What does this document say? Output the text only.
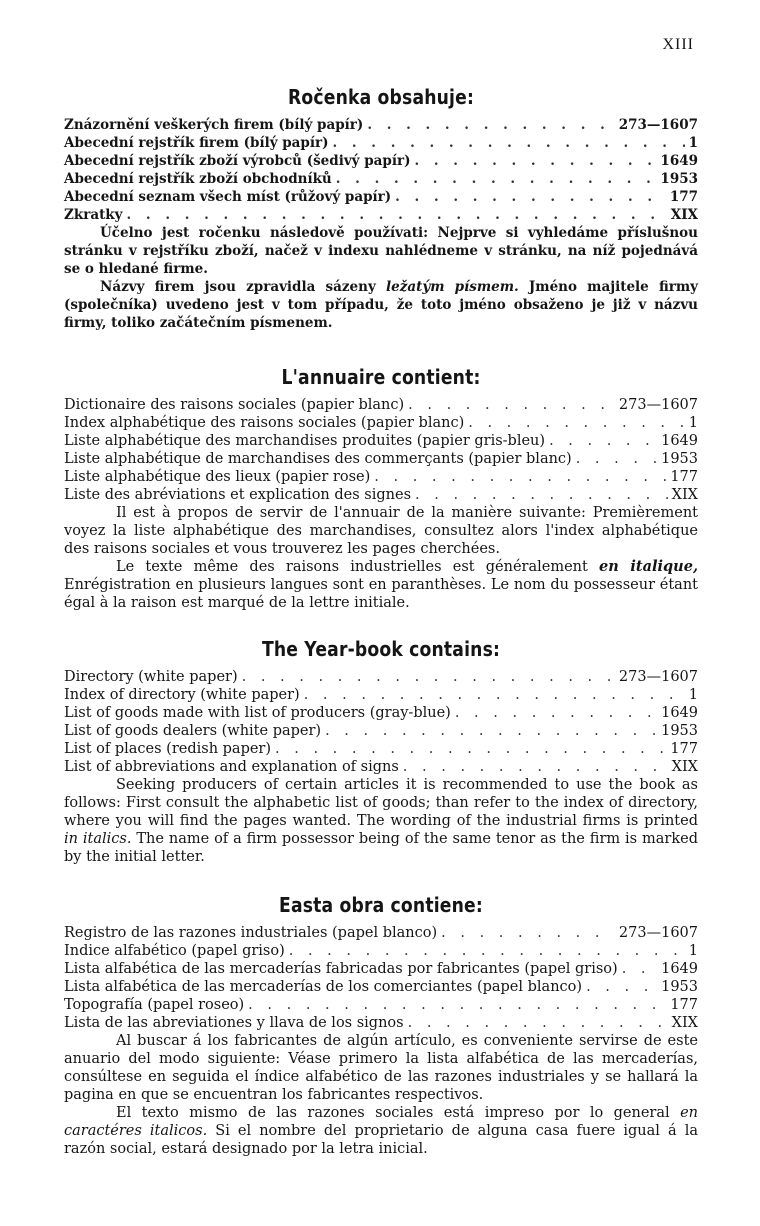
XIII
Ročenka obsahuje:
Znázornění veškerých firem (bílý papír) . . .	273—1607
Abecední rejstřík firem (bílý papír) . . .	1
Abecední rejstřík zboží výrobců (šedivý papír) . . .	1649
Abecední rejstřík zboží obchodníků . . .	1953
Abecední seznam všech míst (růžový papír) . . .	177
Zkratky . . .	XIX

Účelno jest ročenku následově používati: Nejprve si vyhledáme příslušnou stránku v rejstříku zboží, načež v indexu nahlédneme v stránku, na níž pojednává se o hledané firme.

Názvy firem jsou zpravidla sázeny ležatým písmem. Jméno majitele firmy (společníka) uvedeno jest v tom případu, že toto jméno obsaženo je již v názvu firmy, toliko začátečním písmenem.

L'annuaire contient:
Dictionaire des raisons sociales (papier blanc) . . .	273—1607
Index alphabétique des raisons sociales (papier blanc) . . .	1
Liste alphabétique des marchandises produites (papier gris-bleu) . . .	1649
Liste alphabétique de marchandises des commerçants (papier blanc) . . .	1953
Liste alphabétique des lieux (papier rose) . . .	177
Liste des abréviations et explication des signes . . .	XIX

Il est à propos de servir de l'annuair de la manière suivante: Premièrement voyez la liste alphabétique des marchandises, consultez alors l'index alphabétique des raisons sociales et vous trouverez les pages cherchées.

Le texte même des raisons industrielles est généralement en italique, Enrégistration en plusieurs langues sont en paranthèses. Le nom du possesseur étant égal à la raison est marqué de la lettre initiale.

The Year-book contains:
Directory (white paper) . . .	273—1607
Index of directory (white paper) . . .	1
List of goods made with list of producers (gray-blue) . . .	1649
List of goods dealers (white paper) . . .	1953
List of places (redish paper) . . .	177
List of abbreviations and explanation of signs . . .	XIX

Seeking producers of certain articles it is recommended to use the book as follows: First consult the alphabetic list of goods; than refer to the index of directory, where you will find the pages wanted. The wording of the industrial firms is printed in italics. The name of a firm possessor being of the same tenor as the firm is marked by the initial letter.

Easta obra contiene:
Registro de las razones industriales (papel blanco) . . .	273—1607
Indice alfabético (papel griso) . . .	1
Lista alfabética de las mercaderías fabricadas por fabricantes (papel griso) . . .	1649
Lista alfabética de las mercaderías de los comerciantes (papel blanco) . . .	1953
Topografía (papel roseo) . . .	177
Lista de las abreviationes y llava de los signos . . .	XIX

Al buscar á los fabricantes de algún artículo, es conveniente servirse de este anuario del modo siguiente: Véase primero la lista alfabética de las mercaderías, consúltese en seguida el índice alfabético de las razones industriales y se hallará la pagina en que se encuentran los fabricantes respectivos.

El texto mismo de las razones sociales está impreso por lo general en caractéres italicos. Si el nombre del proprietario de alguna casa fuere igual á la razón social, estará designado por la letra inicial.
